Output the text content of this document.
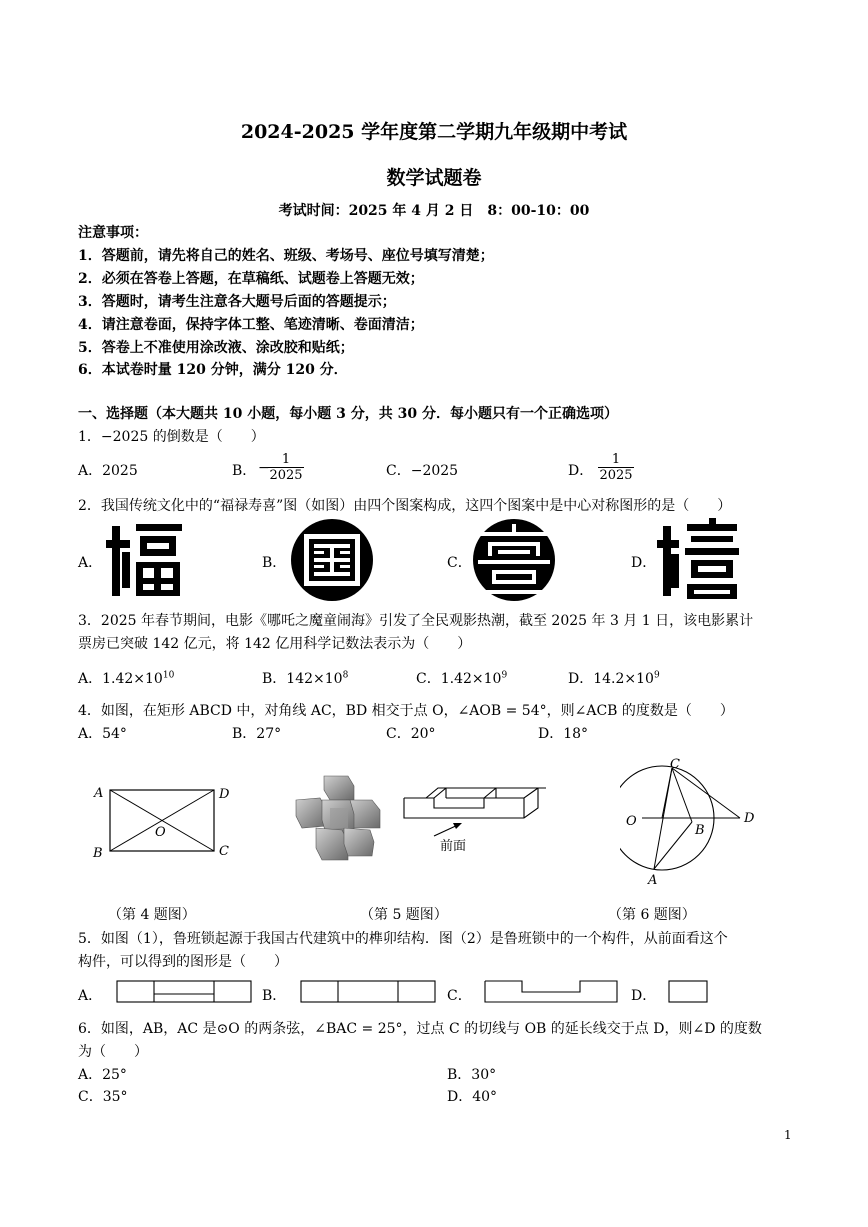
2024-2025 学年度第二学期九年级期中考试
数学试题卷
考试时间：2025 年 4 月 2 日　8：00-10：00
注意事项：
1．答题前，请先将自己的姓名、班级、考场号、座位号填写清楚；
2．必须在答卷上答题，在草稿纸、试题卷上答题无效；
3．答题时，请考生注意各大题号后面的答题提示；
4．请注意卷面，保持字体工整、笔迹清晰、卷面清洁；
5．答卷上不准使用涂改液、涂改胶和贴纸；
6．本试卷时量 120 分钟，满分 120 分．
一、选择题（本大题共 10 小题，每小题 3 分，共 30 分．每小题只有一个正确选项）
1．−2025 的倒数是（　　）
A．2025	B． −
$\frac{1}{2025}$	C．−2025	D． $\frac{1}{2025}$
2．我国传统文化中的“福禄寿喜”图（如图）由四个图案构成，这四个图案中是中心对称图形的是（　　）
A．	B．	C．	D．
3．2025 年春节期间，电影《哪吒之魔童闹海》引发了全民观影热潮，截至 2025 年 3 月 1 日，该电影累计
票房已突破 142 亿元，将 142 亿用科学记数法表示为（　　）
A．$1.42\times 10^{10}$	B．$142\times 10^8$	C．$1.42\times 10^9$	D．$14.2\times 10^9$
4．如图，在矩形 ABCD 中，对角线 AC，BD 相交于点 O，∠AOB = 54°，则∠ACB 的度数是（　　）
A．54°	B．27°	C．20°	D．18°
A	D
B	C
O
前面
C
O
B
D
A
（第 4 题图）	（第 5 题图）	（第 6 题图）
5．如图（1），鲁班锁起源于我国古代建筑中的榫卯结构．图（2）是鲁班锁中的一个构件，从前面看这个
构件，可以得到的图形是（　　）
A．	B．	C．	D．
6．如图，AB，AC 是⊙O 的两条弦，∠BAC = 25°，过点 C 的切线与 OB 的延长线交于点 D，则∠D 的度数
为（　　）
A．25°	B．30°
C．35°	D．40°
1
